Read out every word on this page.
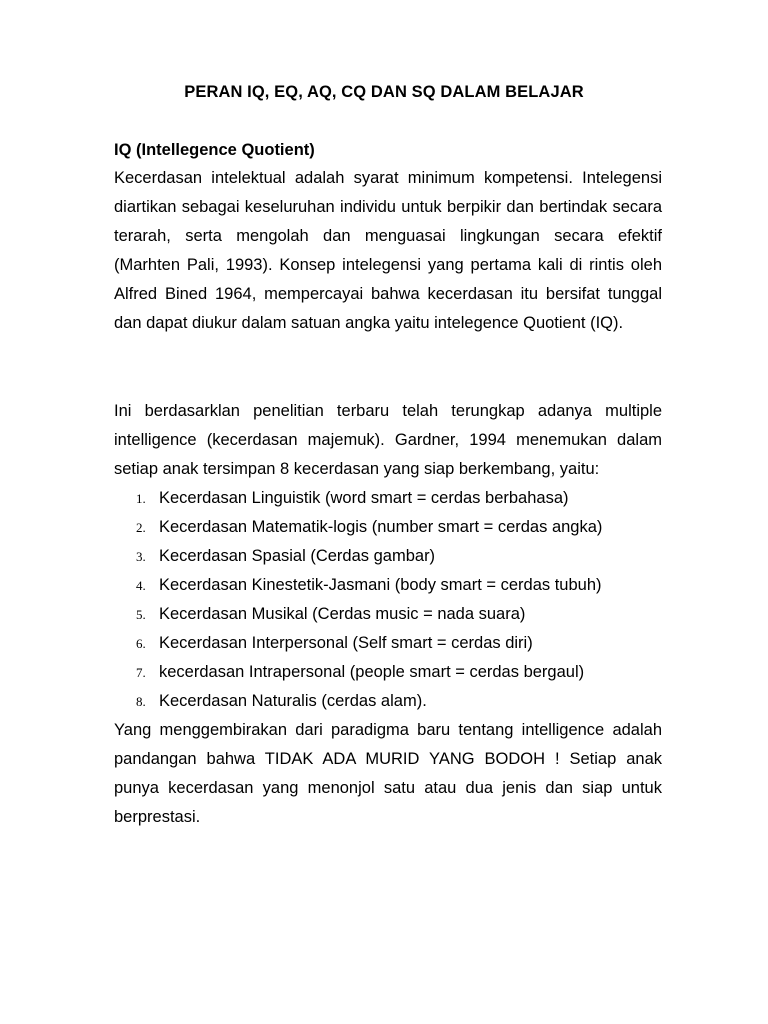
PERAN IQ, EQ, AQ, CQ DAN SQ DALAM BELAJAR
IQ (Intellegence Quotient)

Kecerdasan intelektual adalah syarat minimum kompetensi. Intelegensi diartikan sebagai keseluruhan individu untuk berpikir dan bertindak secara terarah, serta mengolah dan menguasai lingkungan secara efektif (Marhten Pali, 1993). Konsep intelegensi yang pertama kali di rintis oleh Alfred Bined 1964, mempercayai bahwa kecerdasan itu bersifat tunggal dan dapat diukur dalam satuan angka yaitu intelegence Quotient (IQ).

Ini berdasarklan penelitian terbaru telah terungkap adanya multiple intelligence (kecerdasan majemuk). Gardner, 1994 menemukan dalam setiap anak tersimpan 8 kecerdasan yang siap berkembang, yaitu:

1. Kecerdasan Linguistik (word smart = cerdas berbahasa)
2. Kecerdasan Matematik-logis (number smart = cerdas angka)
3. Kecerdasan Spasial (Cerdas gambar)
4. Kecerdasan Kinestetik-Jasmani (body smart = cerdas tubuh)
5. Kecerdasan Musikal (Cerdas music = nada suara)
6. Kecerdasan Interpersonal (Self smart = cerdas diri)
7. kecerdasan Intrapersonal (people smart = cerdas bergaul)
8. Kecerdasan Naturalis (cerdas alam).

Yang menggembirakan dari paradigma baru tentang intelligence adalah pandangan bahwa TIDAK ADA MURID YANG BODOH ! Setiap anak punya kecerdasan yang menonjol satu atau dua jenis dan siap untuk berprestasi.
